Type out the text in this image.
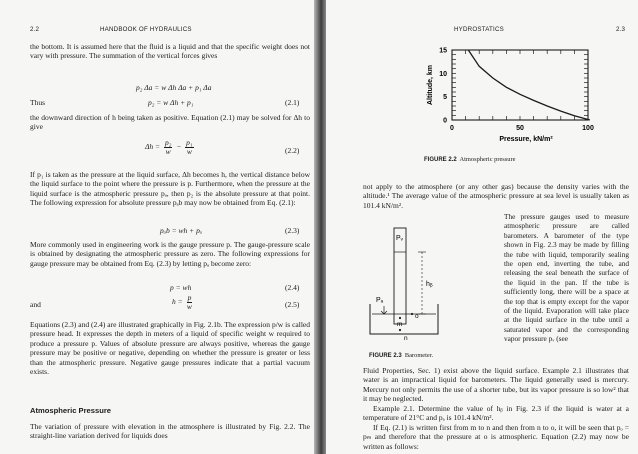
2.2	HANDBOOK OF HYDRAULICS
the bottom. It is assumed here that the fluid is a liquid and that the specific weight does not vary with pressure. The summation of the vertical forces gives
p₂ Δa = w Δh Δa + p₁ Δa
Thus	p₂ = w Δh + p₁	(2.1)
the downward direction of h being taken as positive. Equation (2.1) may be solved for Δh to give
$\Delta h = \frac{\text{p₂}}{w} - \frac{\text{p₁}}{w}$	(2.2)
If p₁ is taken as the pressure at the liquid surface, Δh becomes h, the vertical distance below the liquid surface to the point where the pressure is p. Furthermore, when the pressure at the liquid surface is the atmospheric pressure pₐ, then p₂ is the absolute pressure at that point. The following expression for absolute pressure pₐb may now be obtained from Eq. (2.1):
pₐb = wh + pₐ	(2.3)
More commonly used in engineering work is the gauge pressure p. The gauge-pressure scale is obtained by designating the atmospheric pressure as zero. The following expressions for gauge pressure may be obtained from Eq. (2.3) by letting pₐ become zero:
p = wh	(2.4)
and	$h = \frac{p}{w}$	(2.5)
Equations (2.3) and (2.4) are illustrated graphically in Fig. 2.1b. The expression p/w is called pressure head. It expresses the depth in meters of a liquid of specific weight w required to produce a pressure p. Values of absolute pressure are always positive, whereas the gauge pressure may be positive or negative, depending on whether the pressure is greater or less than the atmospheric pressure. Negative gauge pressures indicate that a partial vacuum exists.
Atmospheric Pressure
The variation of pressure with elevation in the atmosphere is illustrated by Fig. 2.2. The straight-line variation derived for liquids does
HYDROSTATICS	2.3
0	50	100
0
5
10
15
Pressure, kN/m²
Altitude, km
FIGURE 2.2 Atmospheric pressure
not apply to the atmosphere (or any other gas) because the density varies with the altitude.¹ The average value of the atmospheric pressure at sea level is usually taken as 101.4 kN/m².
Pᵥ
hᵦ
Pₐ
m
o
n
FIGURE 2.3 Barometer.
The pressure gauges used to measure atmospheric pressure are called barometers. A barometer of the type shown in Fig. 2.3 may be made by filling the tube with liquid, temporarily sealing the open end, inverting the tube, and releasing the seal beneath the surface of the liquid in the pan. If the tube is sufficiently long, there will be a space at the top that is empty except for the vapor of the liquid. Evaporation will take place at the liquid surface in the tube until a saturated vapor and the corresponding vapor pressure pᵥ (see
Fluid Properties, Sec. 1) exist above the liquid surface. Example 2.1 illustrates that water is an impractical liquid for barometers. The liquid generally used is mercury. Mercury not only permits the use of a shorter tube, but its vapor pressure is so low² that it may be neglected.
Example 2.1. Determine the value of hᵦ in Fig. 2.3 if the liquid is water at a temperature of 21°C and pₐ is 101.4 kN/m².
If Eq. (2.1) is written first from m to n and then from n to o, it will be seen that pₒ = pₘ and therefore that the pressure at o is atmospheric. Equation (2.2) may now be written as follows:
